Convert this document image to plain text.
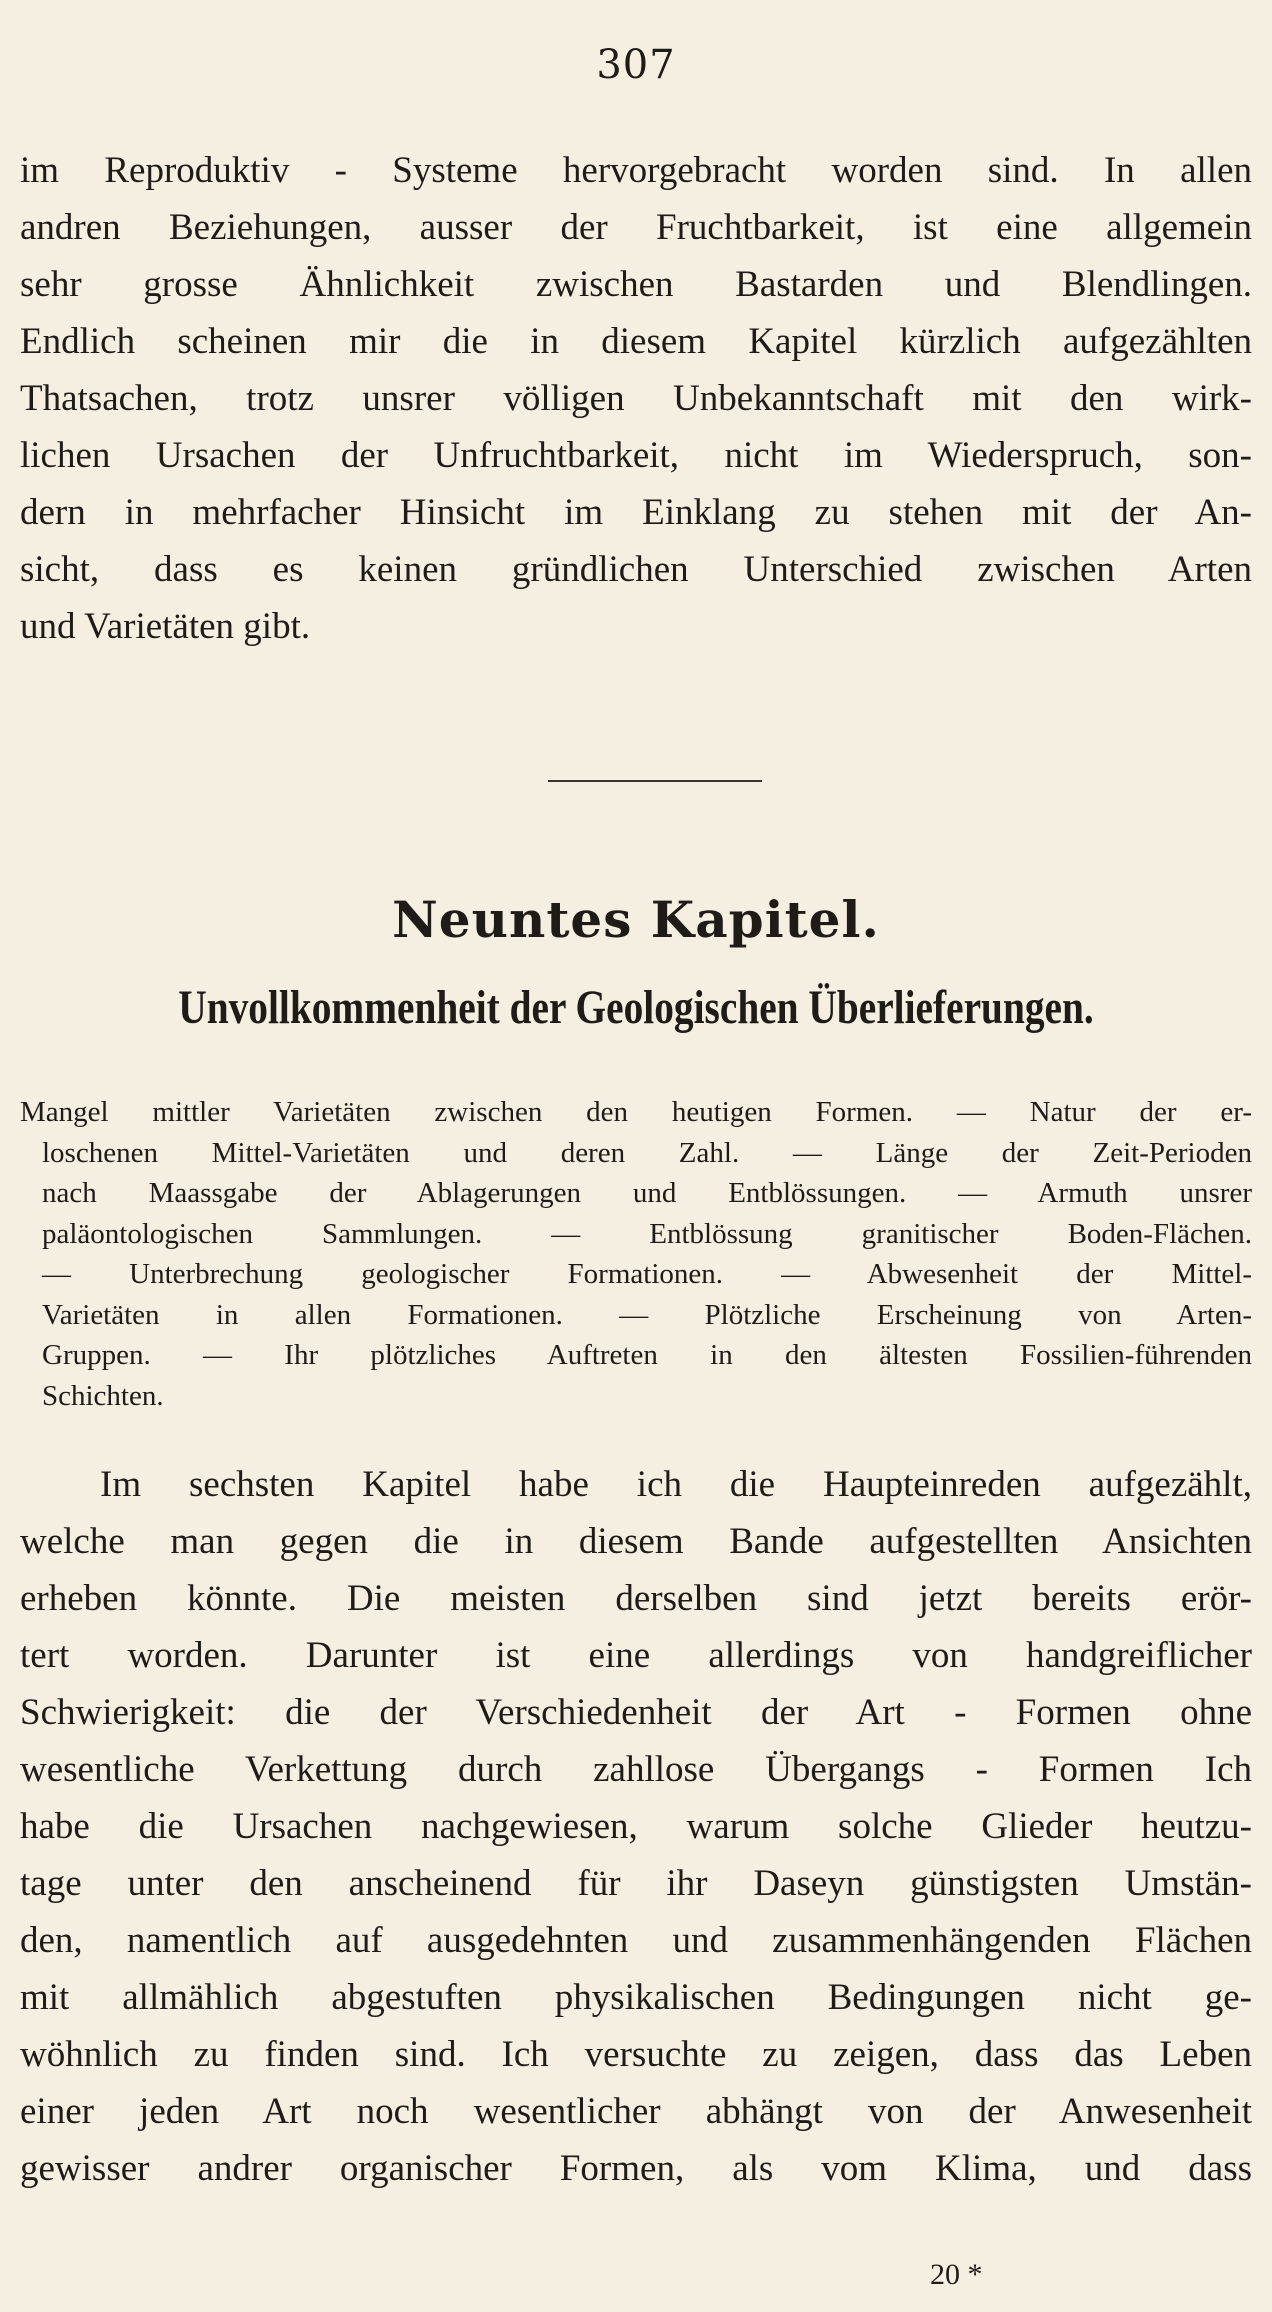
307
im Reproduktiv - Systeme hervorgebracht worden sind. In allen
andren Beziehungen, ausser der Fruchtbarkeit, ist eine allgemein
sehr grosse Ähnlichkeit zwischen Bastarden und Blendlingen.
Endlich scheinen mir die in diesem Kapitel kürzlich aufgezählten
Thatsachen, trotz unsrer völligen Unbekanntschaft mit den wirk-
lichen Ursachen der Unfruchtbarkeit, nicht im Wiederspruch, son-
dern in mehrfacher Hinsicht im Einklang zu stehen mit der An-
sicht, dass es keinen gründlichen Unterschied zwischen Arten
und Varietäten gibt.
Neuntes Kapitel.
Unvollkommenheit der Geologischen Überlieferungen.
Mangel mittler Varietäten zwischen den heutigen Formen. — Natur der er-
loschenen Mittel-Varietäten und deren Zahl. — Länge der Zeit-Perioden
nach Maassgabe der Ablagerungen und Entblössungen. — Armuth unsrer
paläontologischen Sammlungen. — Entblössung granitischer Boden-Flächen.
— Unterbrechung geologischer Formationen. — Abwesenheit der Mittel-
Varietäten in allen Formationen. — Plötzliche Erscheinung von Arten-
Gruppen. — Ihr plötzliches Auftreten in den ältesten Fossilien-führenden
Schichten.
Im sechsten Kapitel habe ich die Haupteinreden aufgezählt,
welche man gegen die in diesem Bande aufgestellten Ansichten
erheben könnte. Die meisten derselben sind jetzt bereits erör-
tert worden. Darunter ist eine allerdings von handgreiflicher
Schwierigkeit: die der Verschiedenheit der Art - Formen ohne
wesentliche Verkettung durch zahllose Übergangs - Formen Ich
habe die Ursachen nachgewiesen, warum solche Glieder heutzu-
tage unter den anscheinend für ihr Daseyn günstigsten Umstän-
den, namentlich auf ausgedehnten und zusammenhängenden Flächen
mit allmählich abgestuften physikalischen Bedingungen nicht ge-
wöhnlich zu finden sind. Ich versuchte zu zeigen, dass das Leben
einer jeden Art noch wesentlicher abhängt von der Anwesenheit
gewisser andrer organischer Formen, als vom Klima, und dass
20 *
